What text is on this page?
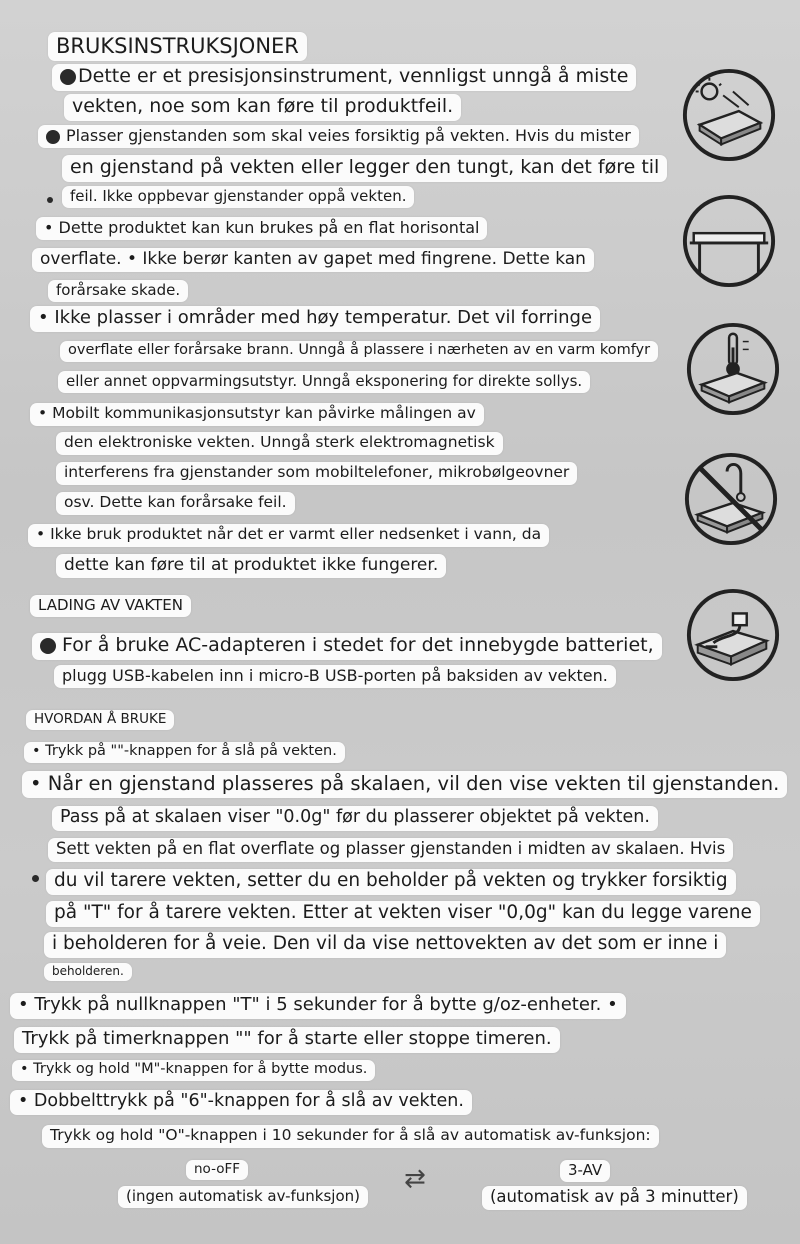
BRUKSINSTRUKSJONER
Dette er et presisjonsinstrument, vennligst unngå å miste
vekten, noe som kan føre til produktfeil.
Plasser gjenstanden som skal veies forsiktig på vekten. Hvis du mister
en gjenstand på vekten eller legger den tungt, kan det føre til
feil. Ikke oppbevar gjenstander oppå vekten.
• Dette produktet kan kun brukes på en flat horisontal
overflate. • Ikke berør kanten av gapet med fingrene. Dette kan
forårsake skade.
• Ikke plasser i områder med høy temperatur. Det vil forringe
overflate eller forårsake brann. Unngå å plassere i nærheten av en varm komfyr
eller annet oppvarmingsutstyr. Unngå eksponering for direkte sollys.
• Mobilt kommunikasjonsutstyr kan påvirke målingen av
den elektroniske vekten. Unngå sterk elektromagnetisk
interferens fra gjenstander som mobiltelefoner, mikrobølgeovner
osv. Dette kan forårsake feil.
• Ikke bruk produktet når det er varmt eller nedsenket i vann, da
dette kan føre til at produktet ikke fungerer.
LADING AV VAKTEN
For å bruke AC-adapteren i stedet for det innebygde batteriet,
plugg USB-kabelen inn i micro-B USB-porten på baksiden av vekten.
HVORDAN Å BRUKE
• Trykk på ""-knappen for å slå på vekten.
• Når en gjenstand plasseres på skalaen, vil den vise vekten til gjenstanden.
Pass på at skalaen viser "0.0g" før du plasserer objektet på vekten.
Sett vekten på en flat overflate og plasser gjenstanden i midten av skalaen. Hvis
du vil tarere vekten, setter du en beholder på vekten og trykker forsiktig
på "T" for å tarere vekten. Etter at vekten viser "0,0g" kan du legge varene
i beholderen for å veie. Den vil da vise nettovekten av det som er inne i
beholderen.
• Trykk på nullknappen "T" i 5 sekunder for å bytte g/oz-enheter. •
Trykk på timerknappen "" for å starte eller stoppe timeren.
• Trykk og hold "M"-knappen for å bytte modus.
• Dobbelttrykk på "6"-knappen for å slå av vekten.
Trykk og hold "O"-knappen i 10 sekunder for å slå av automatisk av-funksjon:
no-oFF
(ingen automatisk av-funksjon)
⇄	3-AV
(automatisk av på 3 minutter)
